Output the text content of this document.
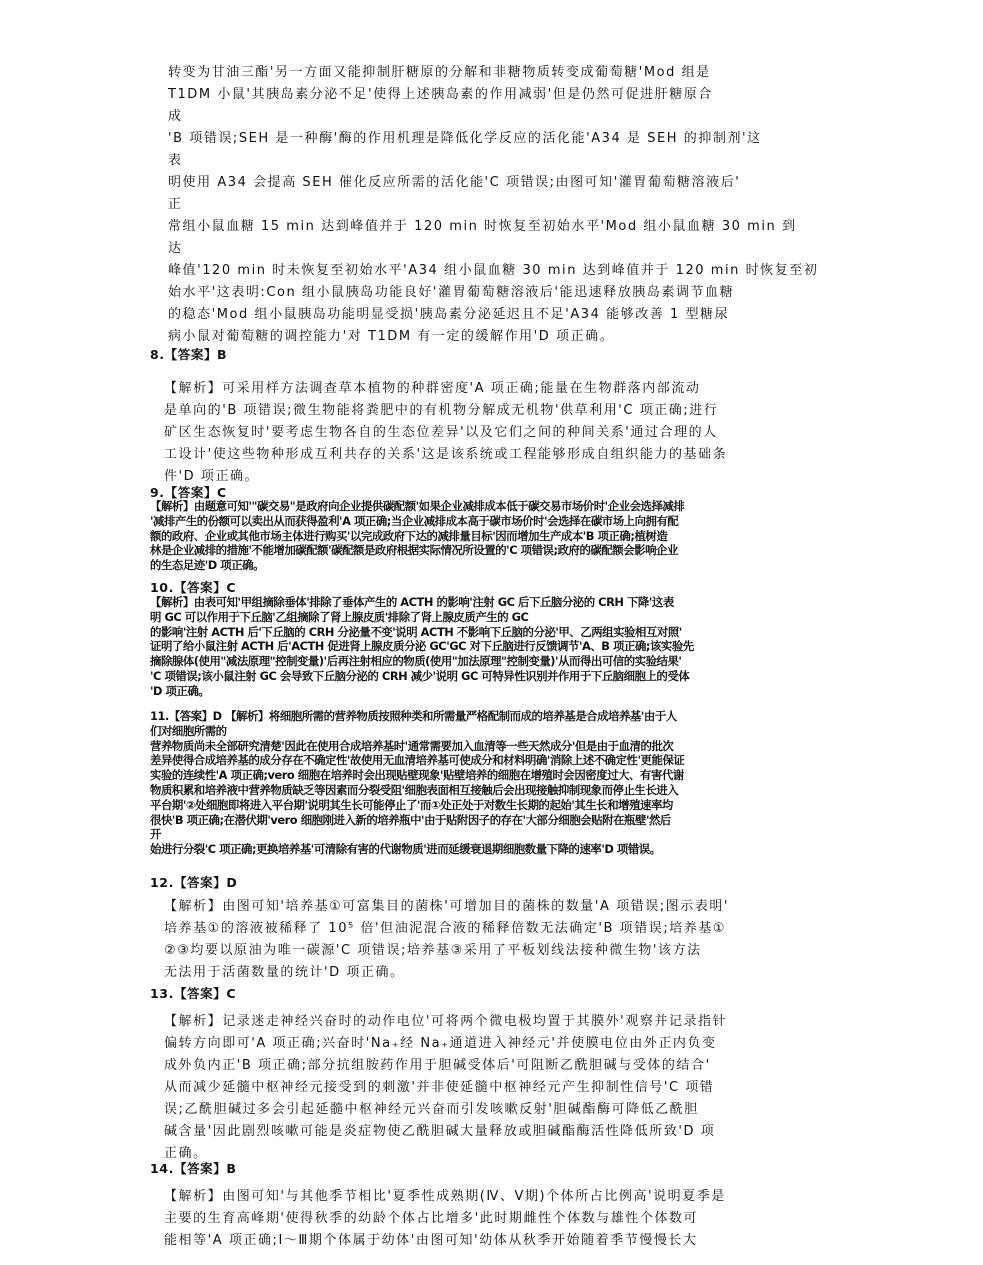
转变为甘油三酯'另一方面又能抑制肝糖原的分解和非糖物质转变成葡萄糖'Mod 组是
T1DM 小鼠'其胰岛素分泌不足'使得上述胰岛素的作用减弱'但是仍然可促进肝糖原合
成
'B 项错误;SEH 是一种酶'酶的作用机理是降低化学反应的活化能'A34 是 SEH 的抑制剂'这
表
明使用 A34 会提高 SEH 催化反应所需的活化能'C 项错误;由图可知'灌胃葡萄糖溶液后'
正
常组小鼠血糖 15 min 达到峰值并于 120 min 时恢复至初始水平'Mod 组小鼠血糖 30 min 到
达
峰值'120 min 时未恢复至初始水平'A34 组小鼠血糖 30 min 达到峰值并于 120 min 时恢复至初
始水平'这表明:Con 组小鼠胰岛功能良好'灌胃葡萄糖溶液后'能迅速释放胰岛素调节血糖
的稳态'Mod 组小鼠胰岛功能明显受损'胰岛素分泌延迟且不足'A34 能够改善 1 型糖尿
病小鼠对葡萄糖的调控能力'对 T1DM 有一定的缓解作用'D 项正确。
8.【答案】B
【解析】可采用样方法调查草本植物的种群密度'A 项正确;能量在生物群落内部流动
是单向的'B 项错误;微生物能将粪肥中的有机物分解成无机物'供草利用'C 项正确;进行
矿区生态恢复时'要考虑生物各自的生态位差异'以及它们之间的种间关系'通过合理的人
工设计'使这些物种形成互利共存的关系'这是该系统或工程能够形成自组织能力的基础条
件'D 项正确。
9.【答案】C
【解析】由题意可知'"碳交易"是政府向企业提供碳配额'如果企业减排成本低于碳交易市场价时'企业会选择减排
'减排产生的份额可以卖出从而获得盈利'A 项正确;当企业减排成本高于碳市场价时'会选择在碳市场上向拥有配
额的政府、企业或其他市场主体进行购买'以完成政府下达的减排量目标'因而增加生产成本'B 项正确;植树造
林是企业减排的措施'不能增加碳配额'碳配额是政府根据实际情况所设置的'C 项错误;政府的碳配额会影响企业
的生态足迹'D 项正确。
10.【答案】C
【解析】由表可知'甲组摘除垂体'排除了垂体产生的 ACTH 的影响'注射 GC 后下丘脑分泌的 CRH 下降'这表
明 GC 可以作用于下丘脑'乙组摘除了肾上腺皮质'排除了肾上腺皮质产生的 GC
的影响'注射 ACTH 后'下丘脑的 CRH 分泌量不变'说明 ACTH 不影响下丘脑的分泌'甲、乙两组实验相互对照'
证明了给小鼠注射 ACTH 后'ACTH 促进肾上腺皮质分泌 GC'GC 对下丘脑进行反馈调节'A、B 项正确;该实验先
摘除腺体(使用"减法原理"控制变量)'后再注射相应的物质(使用"加法原理"控制变量)'从而得出可信的实验结果'
'C 项错误;该小鼠注射 GC 会导致下丘脑分泌的 CRH 减少'说明 GC 可特异性识别并作用于下丘脑细胞上的受体
'D 项正确。
11.【答案】D 【解析】将细胞所需的营养物质按照种类和所需量严格配制而成的培养基是合成培养基'由于人
们对细胞所需的
营养物质尚未全部研究清楚'因此在使用合成培养基时'通常需要加入血清等一些天然成分'但是由于血清的批次
差异使得合成培养基的成分存在不确定性'故使用无血清培养基可使成分和材料明确'消除上述不确定性'更能保证
实验的连续性'A 项正确;vero 细胞在培养时会出现贴壁现象'贴壁培养的细胞在增殖时会因密度过大、有害代谢
物质积累和培养液中营养物质缺乏等因素而分裂受阻'细胞表面相互接触后会出现接触抑制现象而停止生长进入
平台期'②处细胞即将进入平台期'说明其生长可能停止了'而①处正处于对数生长期的起始'其生长和增殖速率均
很快'B 项正确;在潜伏期'vero 细胞刚进入新的培养瓶中'由于贴附因子的存在'大部分细胞会贴附在瓶壁'然后
开
始进行分裂'C 项正确;更换培养基'可清除有害的代谢物质'进而延缓衰退期细胞数量下降的速率'D 项错误。
12.【答案】D
【解析】由图可知'培养基①可富集目的菌株'可增加目的菌株的数量'A 项错误;图示表明'
培养基①的溶液被稀释了 10⁵ 倍'但油泥混合液的稀释倍数无法确定'B 项错误;培养基①
②③均要以原油为唯一碳源'C 项错误;培养基③采用了平板划线法接种微生物'该方法
无法用于活菌数量的统计'D 项正确。
13.【答案】C
【解析】记录迷走神经兴奋时的动作电位'可将两个微电极均置于其膜外'观察并记录指针
偏转方向即可'A 项正确;兴奋时'Na₊经 Na₊通道进入神经元'并使膜电位由外正内负变
成外负内正'B 项正确;部分抗组胺药作用于胆碱受体后'可阻断乙酰胆碱与受体的结合'
从而减少延髓中枢神经元接受到的刺激'并非使延髓中枢神经元产生抑制性信号'C 项错
误;乙酰胆碱过多会引起延髓中枢神经元兴奋而引发咳嗽反射'胆碱酯酶可降低乙酰胆
碱含量'因此剧烈咳嗽可能是炎症物使乙酰胆碱大量释放或胆碱酯酶活性降低所致'D 项
正确。
14.【答案】B
【解析】由图可知'与其他季节相比'夏季性成熟期(Ⅳ、Ⅴ期)个体所占比例高'说明夏季是
主要的生育高峰期'使得秋季的幼龄个体占比增多'此时期雌性个体数与雄性个体数可
能相等'A 项正确;Ⅰ～Ⅲ期个体属于幼体'由图可知'幼体从秋季开始随着季节慢慢长大
